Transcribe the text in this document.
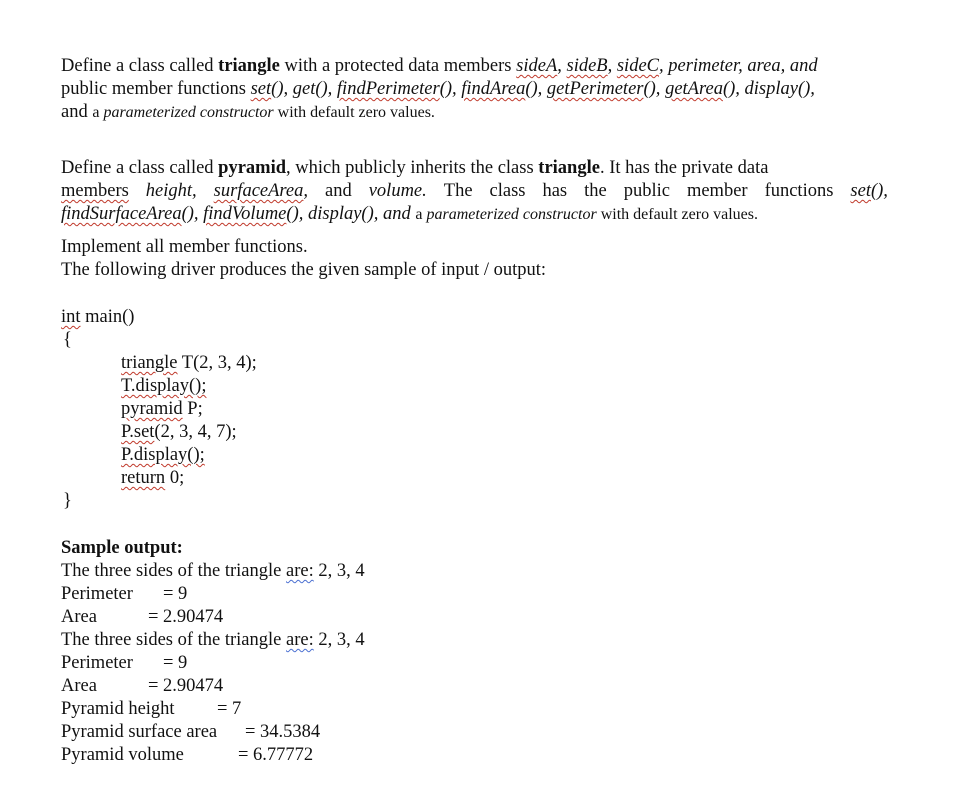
Define a class called triangle with a protected data members sideA, sideB, sideC, perimeter, area, and
public member functions set(), get(), findPerimeter(), findArea(), getPerimeter(), getArea(), display(),
and a parameterized constructor with default zero values.
Define a class called pyramid, which publicly inherits the class triangle. It has the private data
members height, surfaceArea, and volume. The class has the public member functions set(),
findSurfaceArea(), findVolume(), display(), and a parameterized constructor with default zero values.
Implement all member functions.
The following driver produces the given sample of input / output:
int main()
{
triangle T(2, 3, 4);
T.display();
pyramid P;
P.set(2, 3, 4, 7);
P.display();
return 0;
}
Sample output:
The three sides of the triangle are: 2, 3, 4
Perimeter = 9
Area	= 2.90474
The three sides of the triangle are: 2, 3, 4
Perimeter = 9
Area	= 2.90474
Pyramid height = 7
Pyramid surface area = 34.5384
Pyramid volume	= 6.77772
